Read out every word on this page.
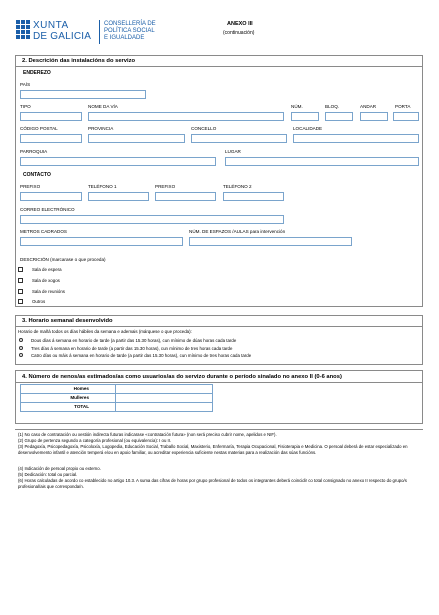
XUNTA
DE GALICIA
CONSELLERÍA DE
POLÍTICA SOCIAL
E IGUALDADE
ANEXO III
(continuación)
2. Descrición das instalacións do servizo
ENDEREZO
PAÍS
TIPO	NOME DA VÍA	NÚM.	BLOQ.	ANDAR	PORTA
CÓDIGO POSTAL	PROVINCIA	CONCELLO	LOCALIDADE
PARROQUIA	LUGAR
CONTACTO
PREFIXO	TELÉFONO 1	PREFIXO	TELÉFONO 2
CORREO ELECTRÓNICO
METROS CADRADOS	NÚM. DE ESPAZOS /AULAS para intervención
DESCRICIÓN (marcarase o que proceda)
Sala de espera
Sala de xogos
Sala de reunións
Outros
3. Horario semanal desenvolvido
Horario de mañá todos os días hábiles da semana e ademais (márquese o que proceda):
Dous días á semana en horario de tarde (a partir das 15.30 horas), cun mínimo de dúas horas cada tarde
Tres días á semana en horario de tarde (a partir das 15.30 horas), cun mínimo de tres horas cada tarde
Catro días ou máis á semana en horario de tarde (a partir das 15.30 horas), cun mínimo de tres horas cada tarde
4. Número de nenos/as estimados/as como usuarios/as do servizo durante o período sinalado no anexo II (0-6 anos)
Homes	
Mulleres	
TOTAL	
(1) No caso de contratación ou xestión indirecta futuras indicarase «contratación futura» (non será preciso cubrir nome, apelidos e NIF).
(2) Grupo de pertenza segundo a categoría profesional (ou equivalencia): I ou II.
(3) Pedagoxía, Psicopedagoxía, Psicoloxía, Logopedia, Educación Social, Traballo Social, Maxisterio, Enfermaría, Terapia Ocupacional, Fisioterapia e Medicina. O persoal deberá de estar especializado en desenvolvemento infantil e atención temperá e/ou en apoio familiar, ou acreditar experiencia suficiente nestas materias para a realización das súas funcións.
(4) Indicación de persoal propio ou externo.
(5) Dedicación: total ou parcial.
(6) Horas calculadas de acordo co establecido no artigo 10.3. A suma das cifras de horas por grupo profesional de todos os integrantes deberá coincidir co total consignado no anexo II respecto do grupo/s profesional/ais que corresponda/n.
